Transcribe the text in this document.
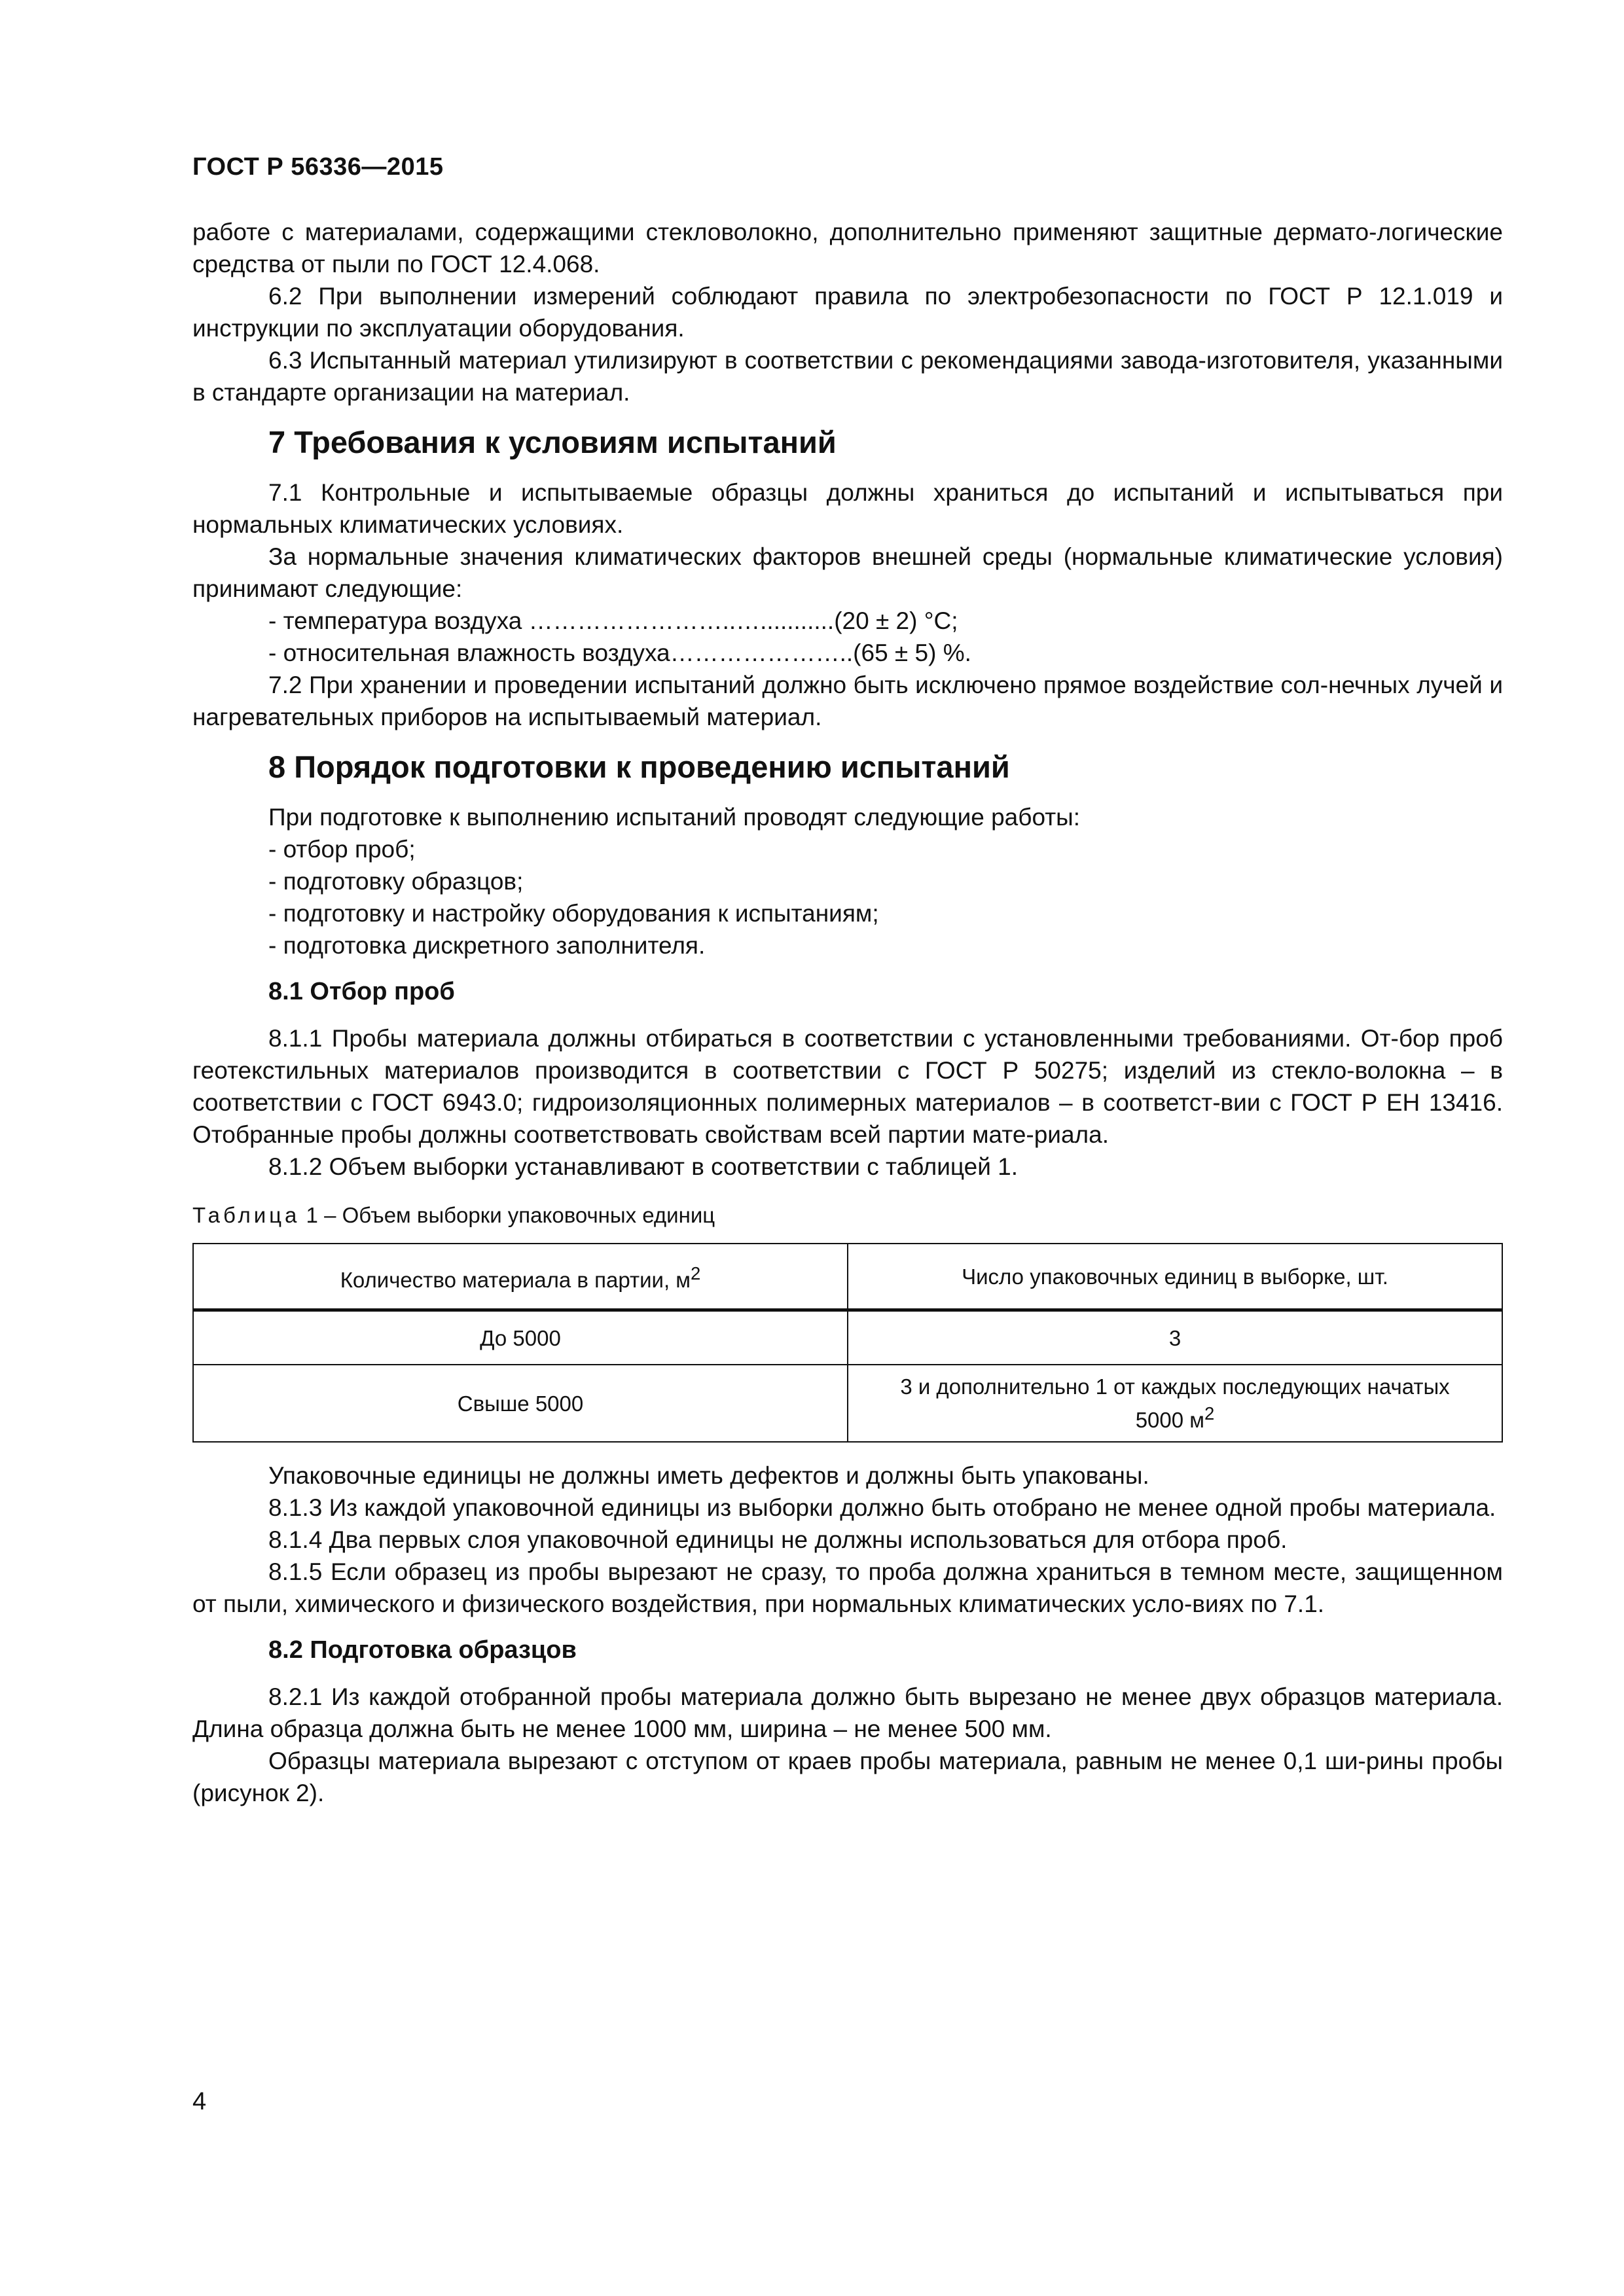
ГОСТ Р 56336—2015

работе с материалами, содержащими стекловолокно, дополнительно применяют защитные дермато-логические средства от пыли по ГОСТ 12.4.068.

6.2 При выполнении измерений соблюдают правила по электробезопасности по ГОСТ Р 12.1.019 и инструкции по эксплуатации оборудования.

6.3 Испытанный материал утилизируют в соответствии с рекомендациями завода-изготовителя, указанными в стандарте организации на материал.

7 Требования к условиям испытаний

7.1 Контрольные и испытываемые образцы должны храниться до испытаний и испытываться при нормальных климатических условиях.

За нормальные значения климатических факторов внешней среды (нормальные климатические условия) принимают следующие:

- температура воздуха ……………………..…...........(20 ± 2) °С;

- относительная влажность воздуха…………………..(65 ± 5) %.

7.2 При хранении и проведении испытаний должно быть исключено прямое воздействие сол-нечных лучей и нагревательных приборов на испытываемый материал.

8 Порядок подготовки к проведению испытаний

При подготовке к выполнению испытаний проводят следующие работы:

- отбор проб;

- подготовку образцов;

- подготовку и настройку оборудования к испытаниям;

- подготовка дискретного заполнителя.

8.1 Отбор проб

8.1.1 Пробы материала должны отбираться в соответствии с установленными требованиями. От-бор проб геотекстильных материалов производится в соответствии с ГОСТ Р 50275; изделий из стекло-волокна – в соответствии с ГОСТ 6943.0; гидроизоляционных полимерных материалов – в соответст-вии с ГОСТ Р ЕН 13416. Отобранные пробы должны соответствовать свойствам всей партии мате-риала.

8.1.2 Объем выборки устанавливают в соответствии с таблицей 1.

Таблица 1 – Объем выборки упаковочных единиц
Количество материала в партии, $м^2$	Число упаковочных единиц в выборке, шт.
До 5000	3
Свыше 5000	3 и дополнительно 1 от каждых последующих начатых
5000 $м^2$

Упаковочные единицы не должны иметь дефектов и должны быть упакованы.

8.1.3 Из каждой упаковочной единицы из выборки должно быть отобрано не менее одной пробы материала.

8.1.4 Два первых слоя упаковочной единицы не должны использоваться для отбора проб.

8.1.5 Если образец из пробы вырезают не сразу, то проба должна храниться в темном месте, защищенном от пыли, химического и физического воздействия, при нормальных климатических усло-виях по 7.1.

8.2 Подготовка образцов

8.2.1 Из каждой отобранной пробы материала должно быть вырезано не менее двух образцов материала. Длина образца должна быть не менее 1000 мм, ширина – не менее 500 мм.

Образцы материала вырезают с отступом от краев пробы материала, равным не менее 0,1 ши-рины пробы (рисунок 2).

4
